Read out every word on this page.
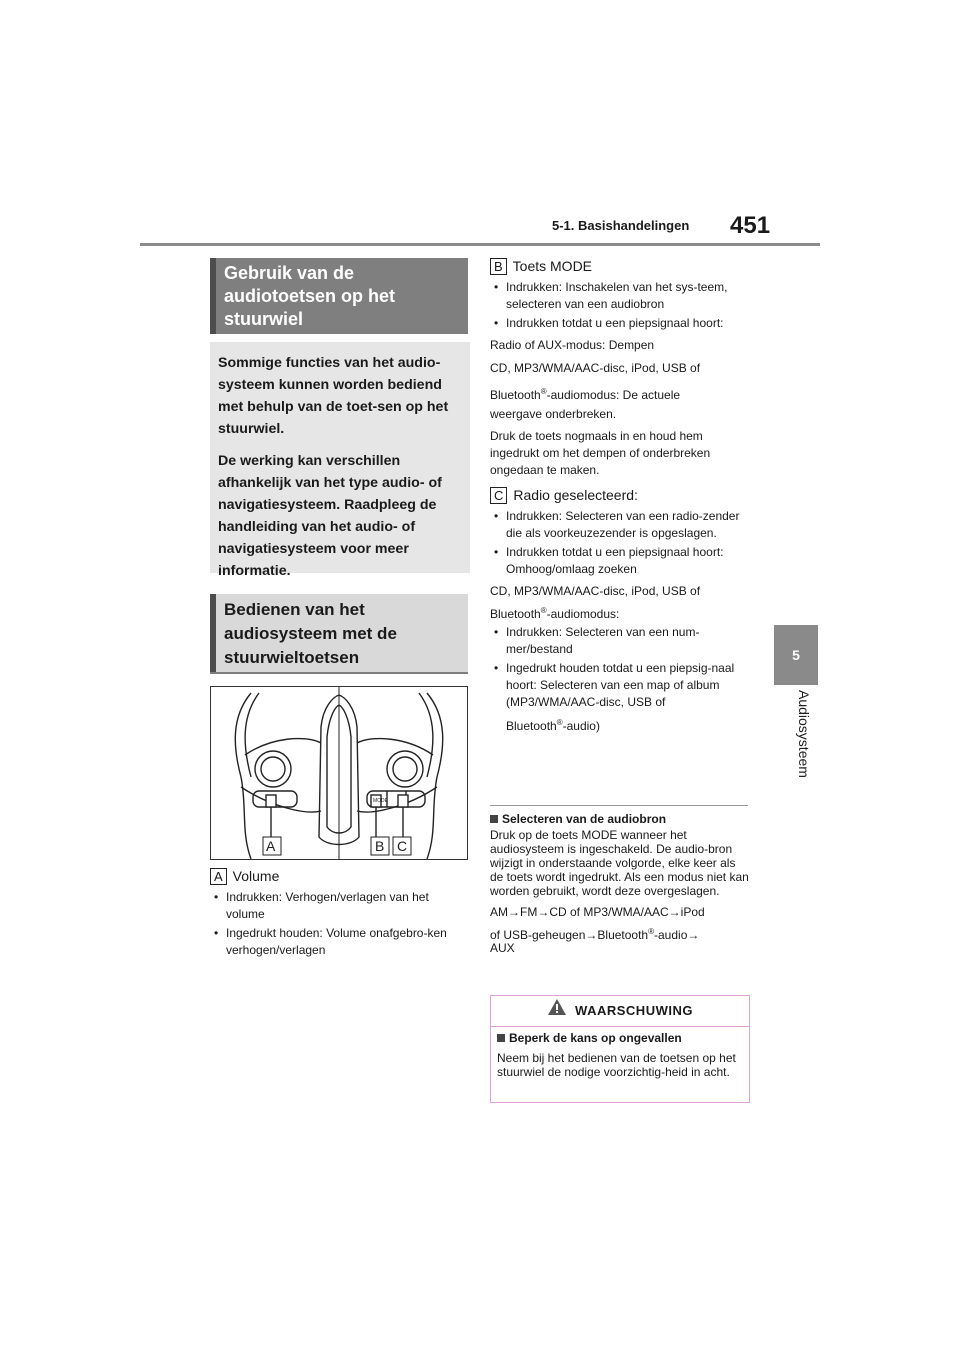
5-1. Basishandelingen 451
5
Audiosysteem
Gebruik van de audiotoetsen op het stuurwiel

Sommige functies van het audio-systeem kunnen worden bediend met behulp van de toet-sen op het stuurwiel.

De werking kan verschillen afhankelijk van het type audio- of navigatiesysteem. Raadpleeg de handleiding van het audio- of navigatiesysteem voor meer informatie.

Bedienen van het audiosysteem met de stuurwieltoetsen
MODE
A	B C
A Volume
• Indrukken: Verhogen/verlagen van het volume
• Ingedrukt houden: Volume onafgebro-ken verhogen/verlagen
B Toets MODE
• Indrukken: Inschakelen van het sys-teem, selecteren van een audiobron
• Indrukken totdat u een piepsignaal hoort:

Radio of AUX-modus: Dempen

CD, MP3/WMA/AAC-disc, iPod, USB of

Bluetooth®-audiomodus: De actuele

weergave onderbreken.

Druk de toets nogmaals in en houd hem ingedrukt om het dempen of onderbreken ongedaan te maken.

C Radio geselecteerd:
• Indrukken: Selecteren van een radio-zender die als voorkeuzezender is opgeslagen.
• Indrukken totdat u een piepsignaal hoort: Omhoog/omlaag zoeken

CD, MP3/WMA/AAC-disc, iPod, USB of

Bluetooth®-audiomodus:

• Indrukken: Selecteren van een num-mer/bestand
• Ingedrukt houden totdat u een piepsig-naal hoort: Selecteren van een map of album (MP3/WMA/AAC-disc, USB of

Bluetooth®-audio)

Selecteren van de audiobron
Druk op de toets MODE wanneer het audiosysteem is ingeschakeld. De audio-bron wijzigt in onderstaande volgorde, elke keer als de toets wordt ingedrukt. Als een modus niet kan worden gebruikt, wordt deze overgeslagen.
AM→FM→CD of MP3/WMA/AAC→iPod
of USB-geheugen→Bluetooth®-audio→
AUX
WAARSCHUWING
Beperk de kans op ongevallen
Neem bij het bedienen van de toetsen op het stuurwiel de nodige voorzichtig-heid in acht.
